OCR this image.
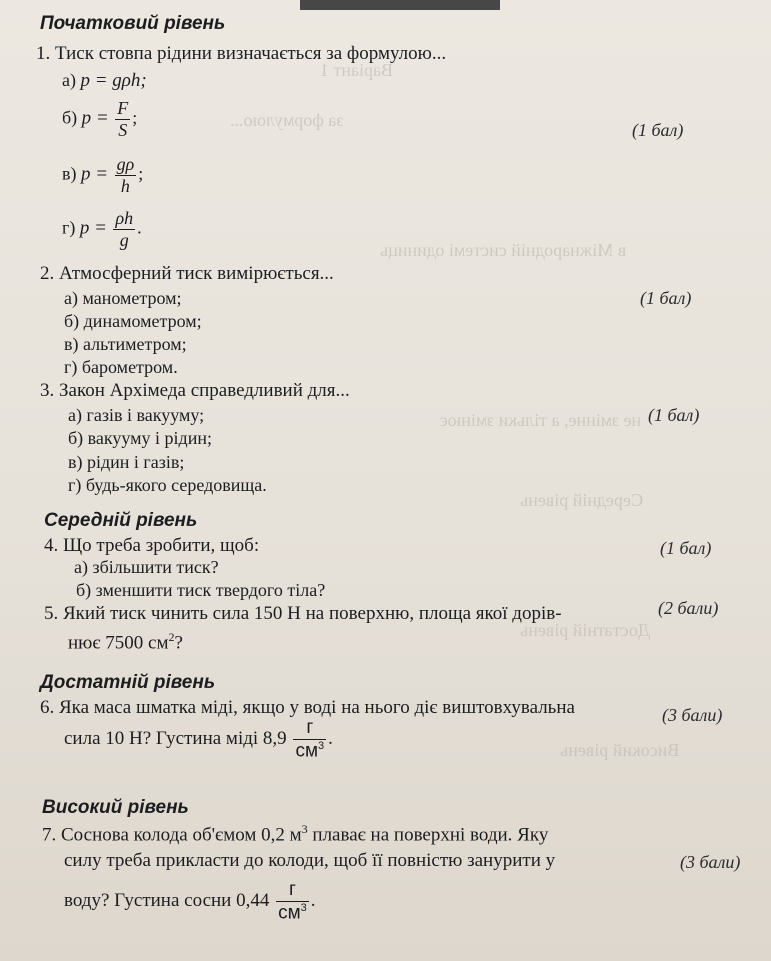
Варіант 1
за формулою...
в Міжнародній системі одиниць
не змінне, а тільки змінює
Середній рівень
Достатній рівень
Високий рівень
Початковий рівень
1. Тиск стовпа рідини визначається за формулою...
а) p = gρh;
б) $p = \frac{F}{S}$ ;
(1 бал)
в) $p = \frac{g\rho}{h}$ ;
г) $p = \frac{\rho h}{g}$ .
2. Атмосферний тиск вимірюється...
а) манометром;	(1 бал)
б) динамометром;
в) альтиметром;
г) барометром.
3. Закон Архімеда справедливий для...
а) газів і вакууму;	(1 бал)
б) вакууму і рідин;
в) рідин і газів;
г) будь-якого середовища.
Середній рівень
4. Що треба зробити, щоб:	(1 бал)
а) збільшити тиск?
б) зменшити тиск твердого тіла?
5. Який тиск чинить сила 150 Н на поверхню, площа якої дорів-	(2 бали)
нює 7500 $см^2$?
Достатній рівень
6. Яка маса шматка міді, якщо у воді на нього діє виштовхувальна	(3 бали)
сила 10 Н? Густина міді $8,9 \frac{г}{см^3}$ .
Високий рівень
7. Соснова колода об'ємом 0,2 $м^3$ плаває на поверхні води. Яку
силу треба прикласти до колоди, щоб її повністю занурити у	(3 бали)
воду? Густина сосни $0,44 \frac{г}{см^3}$ .
